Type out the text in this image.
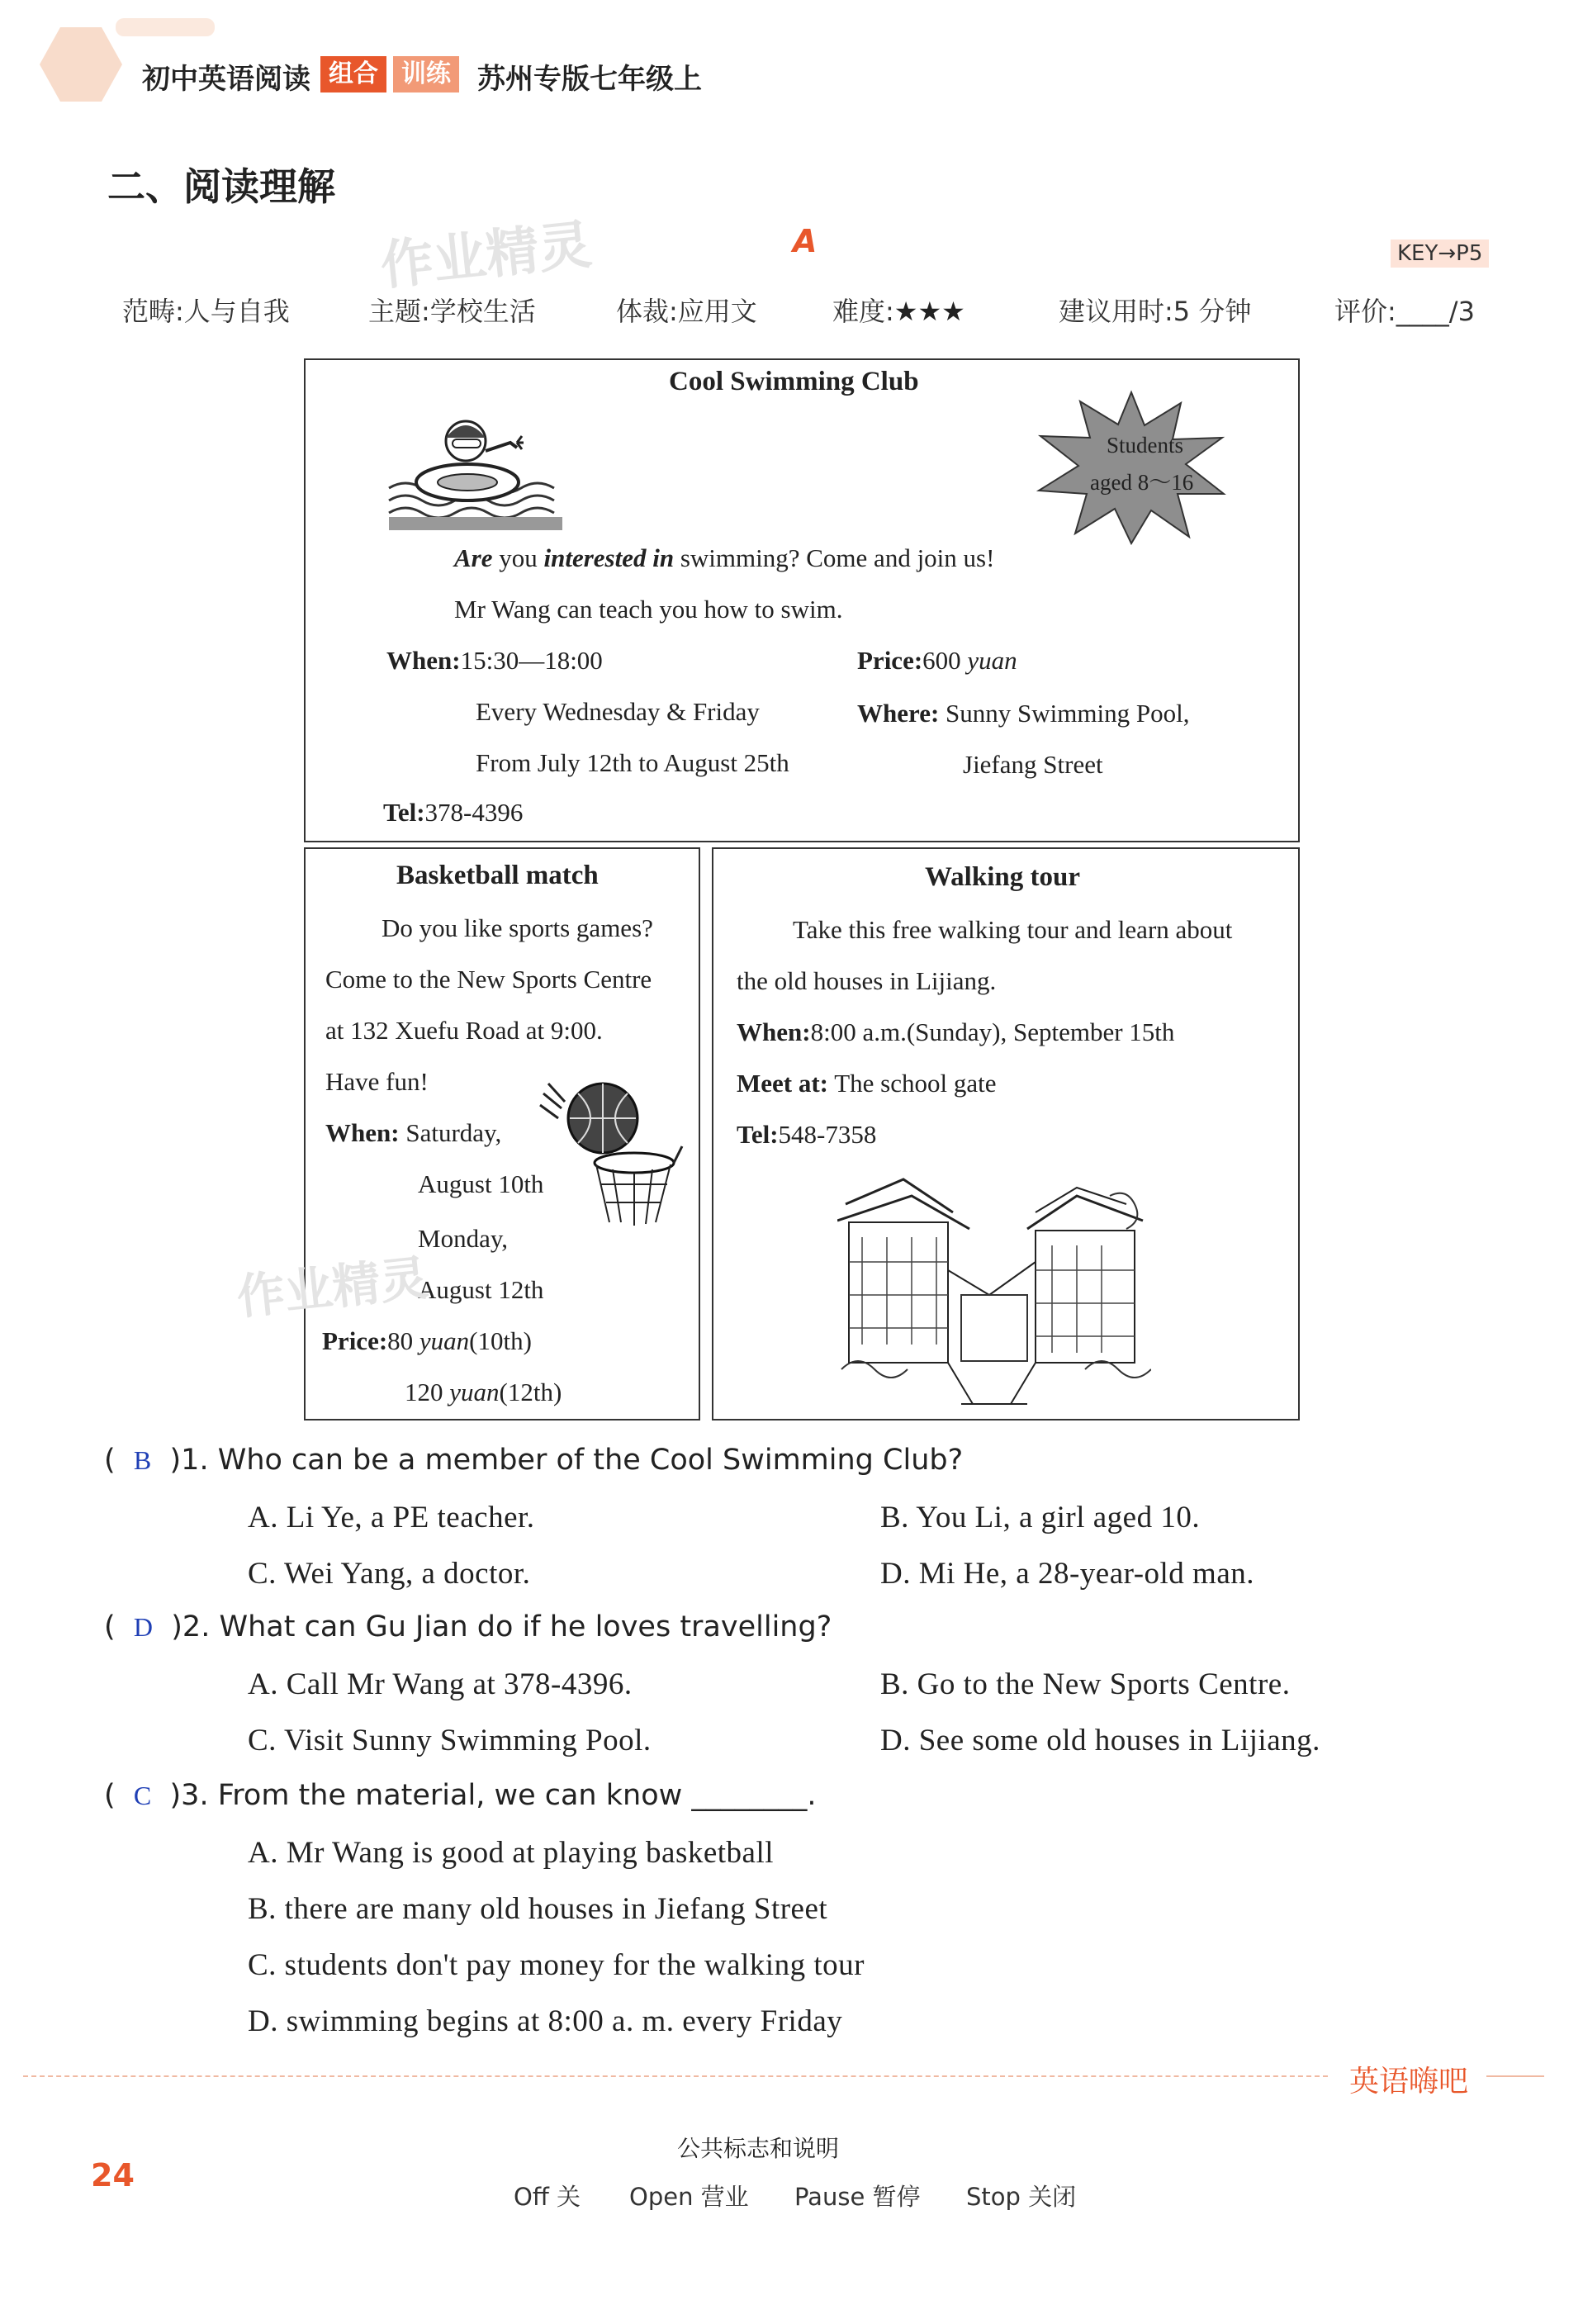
初中英语阅读 组合 训练 苏州专版七年级上
二、阅读理解
作业精灵	A	KEY→P5
范畴:人与自我	主题:学校生活	体裁:应用文	难度:★★★	建议用时:5 分钟	评价:____/3
Cool Swimming Club
Students
aged 8～16
Are you interested in swimming? Come and join us!
Mr Wang can teach you how to swim.
When:15:30—18:00
Every Wednesday & Friday
From July 12th to August 25th
Price:600 yuan
Where: Sunny Swimming Pool,
Jiefang Street
Tel:378-4396
Basketball match
Do you like sports games?
Come to the New Sports Centre
at 132 Xuefu Road at 9:00.
Have fun!
When: Saturday,
August 10th
Monday,
August 12th
Price:80 yuan(10th)
120 yuan(12th)
作业精灵
Walking tour
Take this free walking tour and learn about
the old houses in Lijiang.
When:8:00 a.m.(Sunday), September 15th
Meet at: The school gate
Tel:548-7358
(  B )1. Who can be a member of the Cool Swimming Club?
A. Li Ye, a PE teacher.	B. You Li, a girl aged 10.
C. Wei Yang, a doctor.	D. Mi He, a 28-year-old man.
(  D )2. What can Gu Jian do if he loves travelling?
A. Call Mr Wang at 378-4396.	B. Go to the New Sports Centre.
C. Visit Sunny Swimming Pool.	D. See some old houses in Lijiang.
(  C )3. From the material, we can know ________.
A. Mr Wang is good at playing basketball
B. there are many old houses in Jiefang Street
C. students don't pay money for the walking tour
D. swimming begins at 8:00 a. m. every Friday
英语嗨吧
24
公共标志和说明
Off 关 Open 营业 Pause 暂停 Stop 关闭
